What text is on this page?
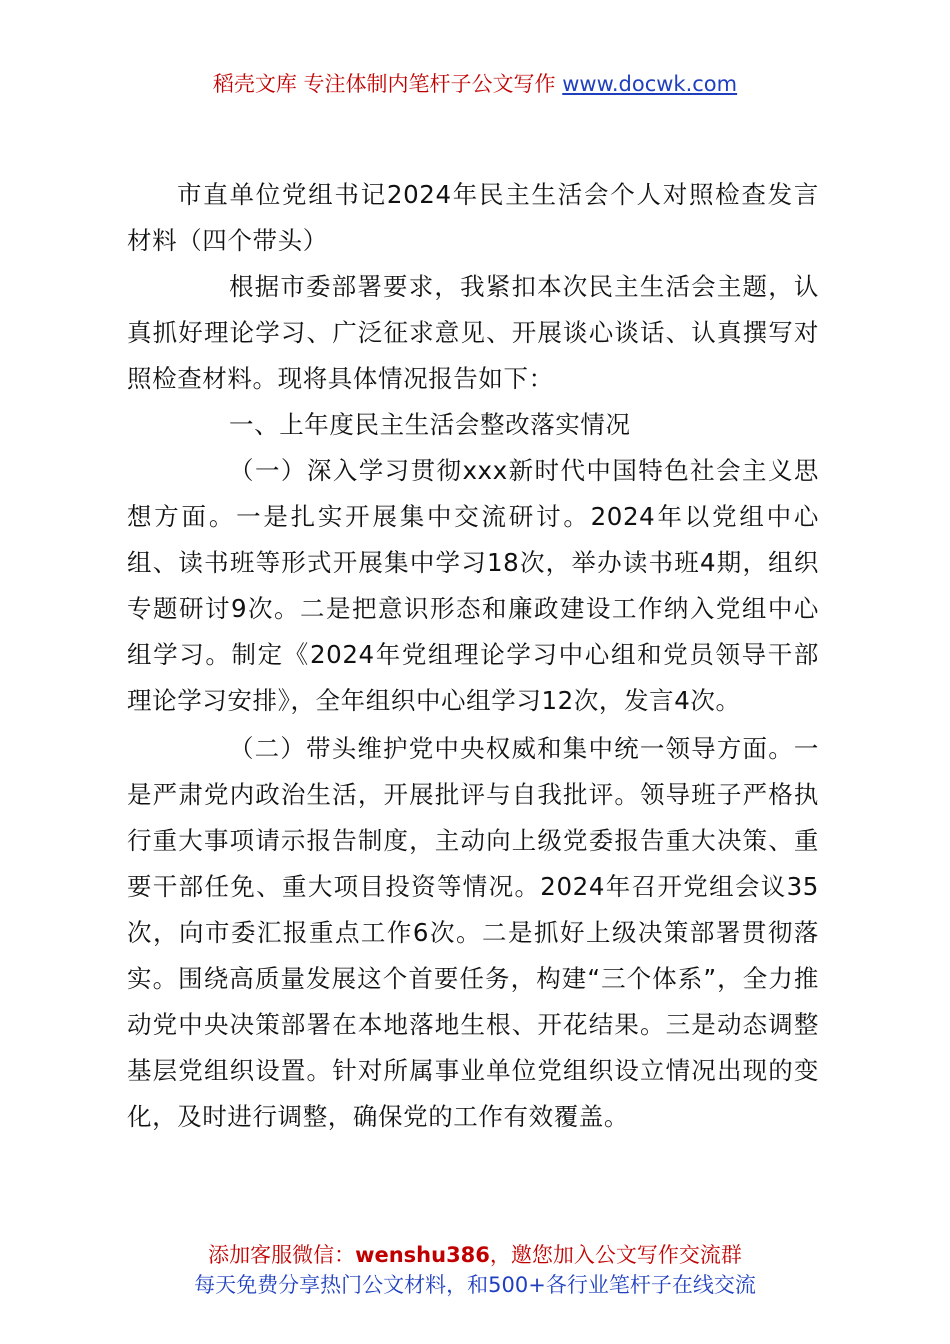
稻壳文库 专注体制内笔杆子公文写作 www.docwk.com

市直单位党组书记2024年民主生活会个人对照检查发言材料（四个带头）

根据市委部署要求，我紧扣本次民主生活会主题，认真抓好理论学习、广泛征求意见、开展谈心谈话、认真撰写对照检查材料。现将具体情况报告如下：

一、上年度民主生活会整改落实情况

（一）深入学习贯彻xxx新时代中国特色社会主义思想方面。一是扎实开展集中交流研讨。2024年以党组中心组、读书班等形式开展集中学习18次，举办读书班4期，组织专题研讨9次。二是把意识形态和廉政建设工作纳入党组中心组学习。制定《2024年党组理论学习中心组和党员领导干部理论学习安排》，全年组织中心组学习12次，发言4次。

（二）带头维护党中央权威和集中统一领导方面。一是严肃党内政治生活，开展批评与自我批评。领导班子严格执行重大事项请示报告制度，主动向上级党委报告重大决策、重要干部任免、重大项目投资等情况。2024年召开党组会议35次，向市委汇报重点工作6次。二是抓好上级决策部署贯彻落实。围绕高质量发展这个首要任务，构建“三个体系”，全力推动党中央决策部署在本地落地生根、开花结果。三是动态调整基层党组织设置。针对所属事业单位党组织设立情况出现的变化，及时进行调整，确保党的工作有效覆盖。

添加客服微信：wenshu386，邀您加入公文写作交流群
每天免费分享热门公文材料，和500+各行业笔杆子在线交流
